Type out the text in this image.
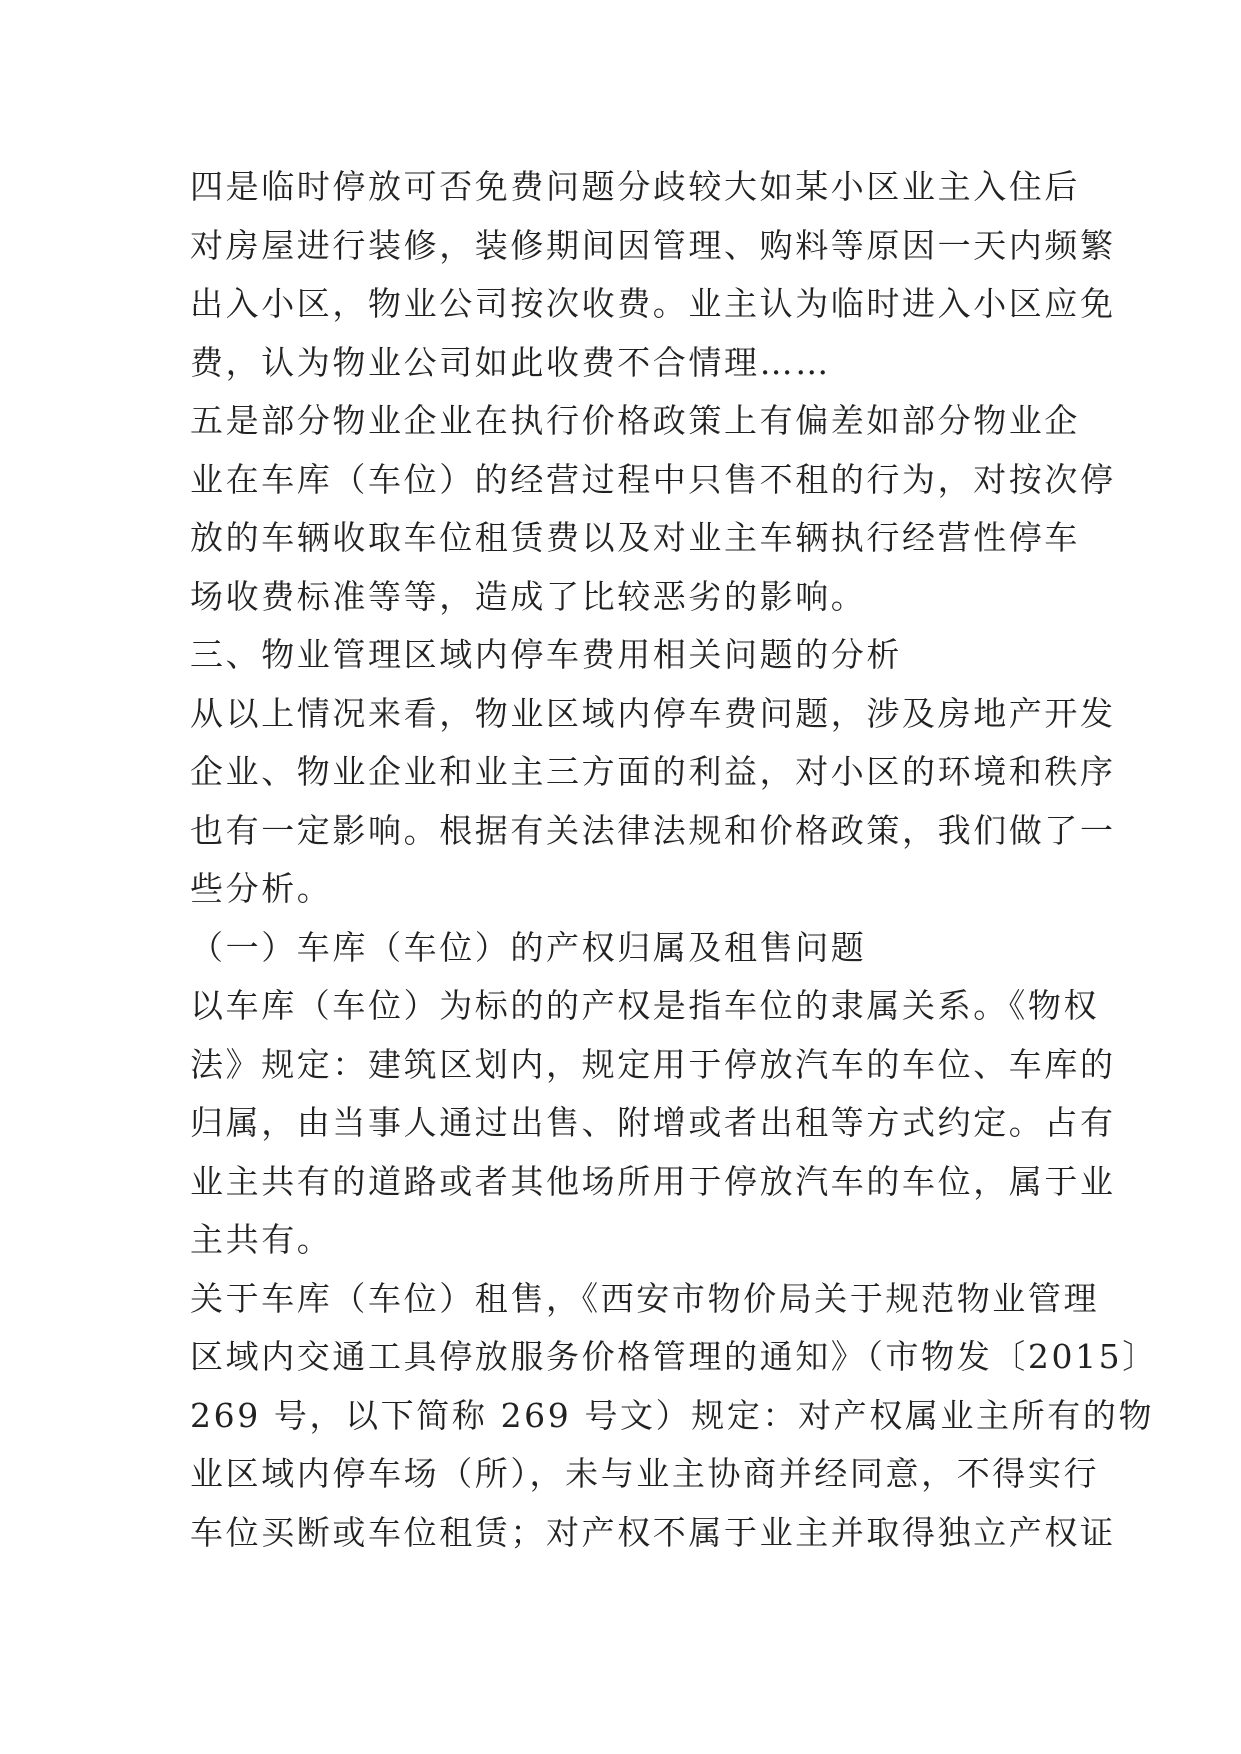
四是临时停放可否免费问题分歧较大如某小区业主入住后
对房屋进行装修，装修期间因管理、购料等原因一天内频繁
出入小区，物业公司按次收费。业主认为临时进入小区应免
费，认为物业公司如此收费不合情理……
五是部分物业企业在执行价格政策上有偏差如部分物业企
业在车库（车位）的经营过程中只售不租的行为，对按次停
放的车辆收取车位租赁费以及对业主车辆执行经营性停车
场收费标准等等，造成了比较恶劣的影响。
三、物业管理区域内停车费用相关问题的分析
从以上情况来看，物业区域内停车费问题，涉及房地产开发
企业、物业企业和业主三方面的利益，对小区的环境和秩序
也有一定影响。根据有关法律法规和价格政策，我们做了一
些分析。
（一）车库（车位）的产权归属及租售问题
以车库（车位）为标的的产权是指车位的隶属关系。《物权
法》规定：建筑区划内，规定用于停放汽车的车位、车库的
归属，由当事人通过出售、附增或者出租等方式约定。占有
业主共有的道路或者其他场所用于停放汽车的车位，属于业
主共有。
关于车库（车位）租售，《西安市物价局关于规范物业管理
区域内交通工具停放服务价格管理的通知》（市物发〔2015〕
269 号，以下简称 269 号文）规定：对产权属业主所有的物
业区域内停车场（所），未与业主协商并经同意，不得实行
车位买断或车位租赁；对产权不属于业主并取得独立产权证
